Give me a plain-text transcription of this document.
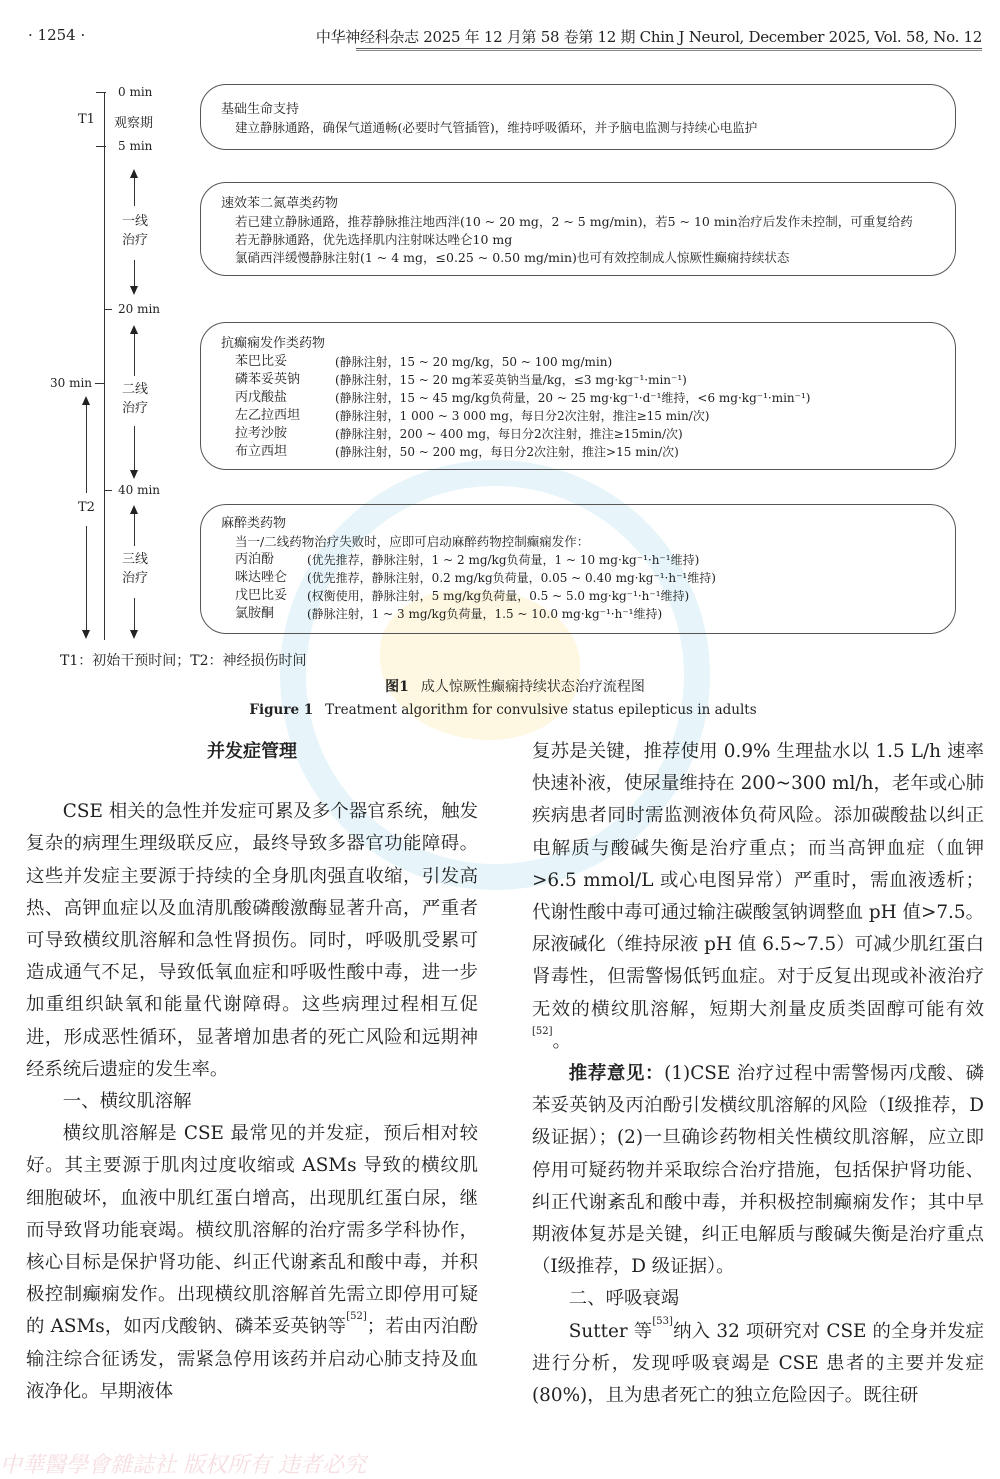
· 1254 ·	中华神经科杂志 2025 年 12 月第 58 卷第 12 期 Chin J Neurol, December 2025, Vol. 58, No. 12
0 min
T1 观察期
5 min
一线
治疗
20 min
二线
治疗
30 min
40 min
三线
治疗
T2
基础生命支持
建立静脉通路，确保气道通畅(必要时气管插管)，维持呼吸循环，并予脑电监测与持续心电监护
速效苯二氮䓬类药物
若已建立静脉通路，推荐静脉推注地西泮(10 ~ 20 mg，2 ~ 5 mg/min)，若5 ~ 10 min治疗后发作未控制，可重复给药
若无静脉通路，优先选择肌内注射咪达唑仑10 mg
氯硝西泮缓慢静脉注射(1 ~ 4 mg，≤0.25 ~ 0.50 mg/min)也可有效控制成人惊厥性癫痫持续状态
抗癫痫发作类药物
苯巴比妥	(静脉注射，15 ~ 20 mg/kg，50 ~ 100 mg/min)
磷苯妥英钠	(静脉注射，15 ~ 20 mg苯妥英钠当量/kg，≤3 mg·kg⁻¹·min⁻¹)
丙戊酸盐	(静脉注射，15 ~ 45 mg/kg负荷量，20 ~ 25 mg·kg⁻¹·d⁻¹维持，<6 mg·kg⁻¹·min⁻¹)
左乙拉西坦	(静脉注射，1 000 ~ 3 000 mg，每日分2次注射，推注≥15 min/次)
拉考沙胺	(静脉注射，200 ~ 400 mg，每日分2次注射，推注≥15min/次)
布立西坦	(静脉注射，50 ~ 200 mg，每日分2次注射，推注>15 min/次)
麻醉类药物
当一/二线药物治疗失败时，应即可启动麻醉药物控制癫痫发作：
丙泊酚	(优先推荐，静脉注射，1 ~ 2 mg/kg负荷量，1 ~ 10 mg·kg⁻¹·h⁻¹维持)
咪达唑仑	(优先推荐，静脉注射，0.2 mg/kg负荷量，0.05 ~ 0.40 mg·kg⁻¹·h⁻¹维持)
戊巴比妥	(权衡使用，静脉注射，5 mg/kg负荷量，0.5 ~ 5.0 mg·kg⁻¹·h⁻¹维持)
氯胺酮	(静脉注射，1 ~ 3 mg/kg负荷量，1.5 ~ 10.0 mg·kg⁻¹·h⁻¹维持)
T1：初始干预时间；T2：神经损伤时间
图1 成人惊厥性癫痫持续状态治疗流程图
Figure 1 Treatment algorithm for convulsive status epilepticus in adults

并发症管理

CSE 相关的急性并发症可累及多个器官系统，触发复杂的病理生理级联反应，最终导致多器官功能障碍。这些并发症主要源于持续的全身肌肉强直收缩，引发高热、高钾血症以及血清肌酸磷酸激酶显著升高，严重者可导致横纹肌溶解和急性肾损伤。同时，呼吸肌受累可造成通气不足，导致低氧血症和呼吸性酸中毒，进一步加重组织缺氧和能量代谢障碍。这些病理过程相互促进，形成恶性循环，显著增加患者的死亡风险和远期神经系统后遗症的发生率。

一、横纹肌溶解

横纹肌溶解是 CSE 最常见的并发症，预后相对较好。其主要源于肌肉过度收缩或 ASMs 导致的横纹肌细胞破坏，血液中肌红蛋白增高，出现肌红蛋白尿，继而导致肾功能衰竭。横纹肌溶解的治疗需多学科协作，核心目标是保护肾功能、纠正代谢紊乱和酸中毒，并积极控制癫痫发作。出现横纹肌溶解首先需立即停用可疑的 ASMs，如丙戊酸钠、磷苯妥英钠等[52]；若由丙泊酚输注综合征诱发，需紧急停用该药并启动心肺支持及血液净化。早期液体

复苏是关键，推荐使用 0.9% 生理盐水以 1.5 L/h 速率快速补液，使尿量维持在 200~300 ml/h，老年或心肺疾病患者同时需监测液体负荷风险。添加碳酸盐以纠正电解质与酸碱失衡是治疗重点；而当高钾血症（血钾>6.5 mmol/L 或心电图异常）严重时，需血液透析；代谢性酸中毒可通过输注碳酸氢钠调整血 pH 值>7.5。尿液碱化（维持尿液 pH 值 6.5~7.5）可减少肌红蛋白肾毒性，但需警惕低钙血症。对于反复出现或补液治疗无效的横纹肌溶解，短期大剂量皮质类固醇可能有效[52]。

推荐意见：(1)CSE 治疗过程中需警惕丙戊酸、磷苯妥英钠及丙泊酚引发横纹肌溶解的风险（Ⅰ级推荐，D 级证据）；(2)一旦确诊药物相关性横纹肌溶解，应立即停用可疑药物并采取综合治疗措施，包括保护肾功能、纠正代谢紊乱和酸中毒，并积极控制癫痫发作；其中早期液体复苏是关键，纠正电解质与酸碱失衡是治疗重点（Ⅰ级推荐，D 级证据）。

二、呼吸衰竭

Sutter 等[53]纳入 32 项研究对 CSE 的全身并发症进行分析，发现呼吸衰竭是 CSE 患者的主要并发症(80%)，且为患者死亡的独立危险因子。既往研

中華醫學會雜誌社 版权所有 违者必究
